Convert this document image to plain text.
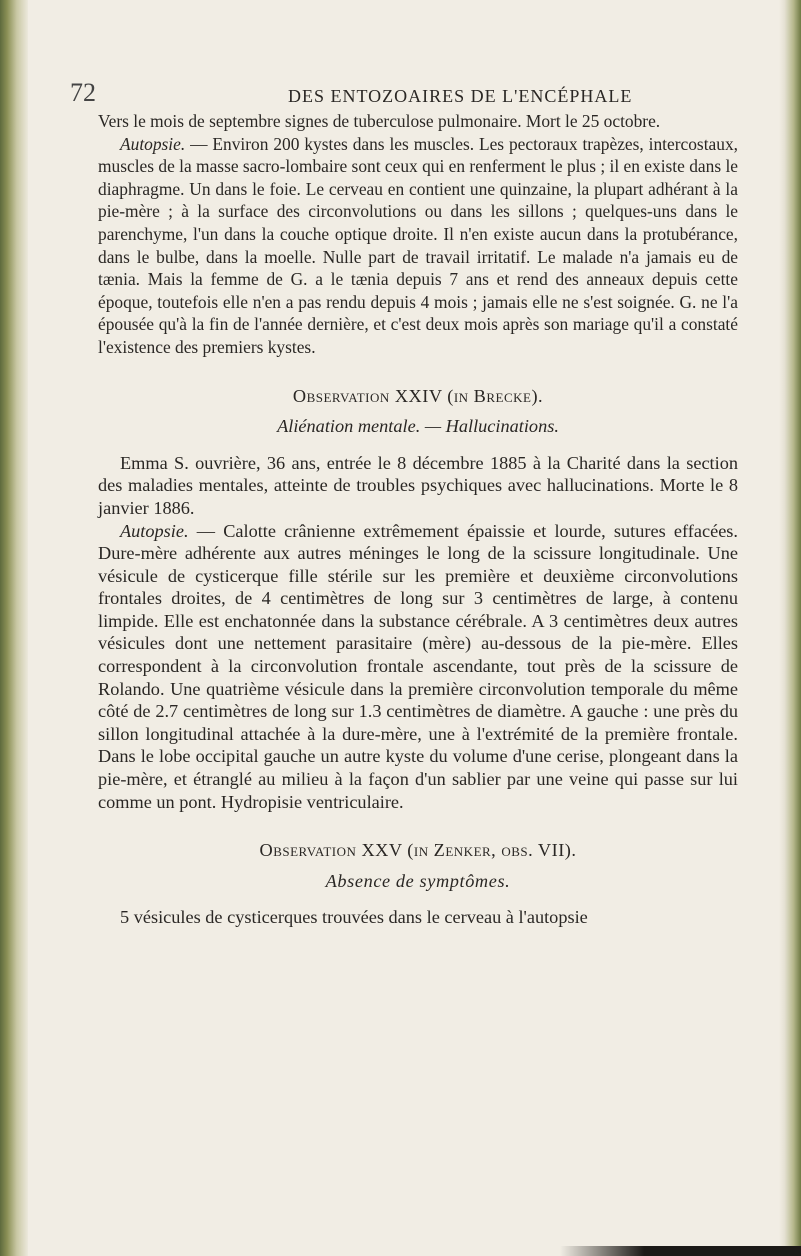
72	DES ENTOZOAIRES DE L'ENCÉPHALE

Vers le mois de septembre signes de tuberculose pulmonaire. Mort le 25 octobre.

Autopsie. — Environ 200 kystes dans les muscles. Les pectoraux trapèzes, intercostaux, muscles de la masse sacro-lombaire sont ceux qui en renferment le plus ; il en existe dans le diaphragme. Un dans le foie. Le cerveau en contient une quinzaine, la plupart adhérant à la pie-mère ; à la surface des circonvolutions ou dans les sillons ; quelques-uns dans le parenchyme, l'un dans la couche optique droite. Il n'en existe aucun dans la protubérance, dans le bulbe, dans la moelle. Nulle part de travail irritatif. Le malade n'a jamais eu de tænia. Mais la femme de G. a le tænia depuis 7 ans et rend des anneaux depuis cette époque, toutefois elle n'en a pas rendu depuis 4 mois ; jamais elle ne s'est soignée. G. ne l'a épousée qu'à la fin de l'année dernière, et c'est deux mois après son mariage qu'il a constaté l'existence des premiers kystes.

Observation XXIV (in Brecke).
Aliénation mentale. — Hallucinations.

Emma S. ouvrière, 36 ans, entrée le 8 décembre 1885 à la Charité dans la section des maladies mentales, atteinte de troubles psychiques avec hallucinations. Morte le 8 janvier 1886.

Autopsie. — Calotte crânienne extrêmement épaissie et lourde, sutures effacées. Dure-mère adhérente aux autres méninges le long de la scissure longitudinale. Une vésicule de cysticerque fille stérile sur les première et deuxième circonvolutions frontales droites, de 4 centimètres de long sur 3 centimètres de large, à contenu limpide. Elle est enchatonnée dans la substance cérébrale. A 3 centimètres deux autres vésicules dont une nettement parasitaire (mère) au-dessous de la pie-mère. Elles correspondent à la circonvolution frontale ascendante, tout près de la scissure de Rolando. Une quatrième vésicule dans la première circonvolution temporale du même côté de 2.7 centimètres de long sur 1.3 centimètres de diamètre. A gauche : une près du sillon longitudinal attachée à la dure-mère, une à l'extrémité de la première frontale. Dans le lobe occipital gauche un autre kyste du volume d'une cerise, plongeant dans la pie-mère, et étranglé au milieu à la façon d'un sablier par une veine qui passe sur lui comme un pont. Hydropisie ventriculaire.

Observation XXV (in Zenker, obs. VII).
Absence de symptômes.

5 vésicules de cysticerques trouvées dans le cerveau à l'autopsie
